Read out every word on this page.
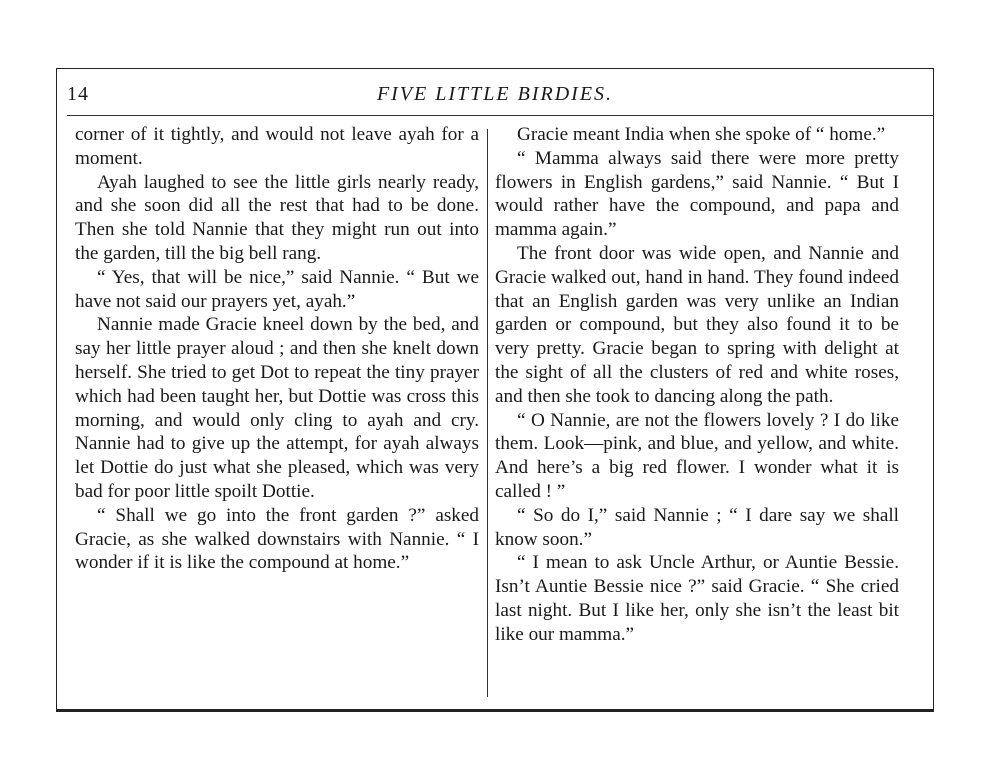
14	FIVE LITTLE BIRDIES.

corner of it tightly, and would not leave ayah for a moment.

Ayah laughed to see the little girls nearly ready, and she soon did all the rest that had to be done. Then she told Nannie that they might run out into the garden, till the big bell rang.

“ Yes, that will be nice,” said Nannie. “ But we have not said our prayers yet, ayah.”

Nannie made Gracie kneel down by the bed, and say her little prayer aloud ; and then she knelt down herself. She tried to get Dot to repeat the tiny prayer which had been taught her, but Dottie was cross this morning, and would only cling to ayah and cry. Nannie had to give up the attempt, for ayah always let Dottie do just what she pleased, which was very bad for poor little spoilt Dottie.

“ Shall we go into the front garden ?” asked Gracie, as she walked downstairs with Nannie. “ I wonder if it is like the compound at home.”

Gracie meant India when she spoke of “ home.”

“ Mamma always said there were more pretty flowers in English gardens,” said Nannie. “ But I would rather have the compound, and papa and mamma again.”

The front door was wide open, and Nannie and Gracie walked out, hand in hand. They found indeed that an English garden was very unlike an Indian garden or compound, but they also found it to be very pretty. Gracie began to spring with delight at the sight of all the clusters of red and white roses, and then she took to dancing along the path.

“ O Nannie, are not the flowers lovely ? I do like them. Look—pink, and blue, and yellow, and white. And here’s a big red flower. I wonder what it is called ! ”

“ So do I,” said Nannie ; “ I dare say we shall know soon.”

“ I mean to ask Uncle Arthur, or Auntie Bessie. Isn’t Auntie Bessie nice ?” said Gracie. “ She cried last night. But I like her, only she isn’t the least bit like our mamma.”
